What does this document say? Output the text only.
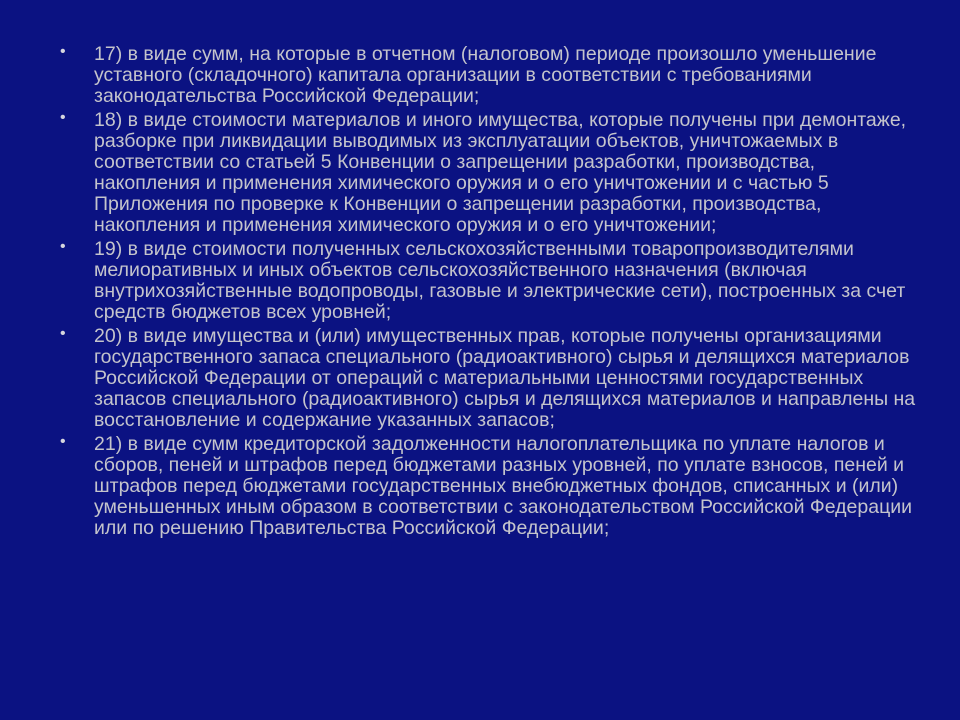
• 17) в виде сумм, на которые в отчетном (налоговом) периоде произошло уменьшение уставного (складочного) капитала организации в соответствии с требованиями законодательства Российской Федерации;
• 18) в виде стоимости материалов и иного имущества, которые получены при демонтаже, разборке при ликвидации выводимых из эксплуатации объектов, уничтожаемых в соответствии со статьей 5 Конвенции о запрещении разработки, производства, накопления и применения химического оружия и о его уничтожении и с частью 5 Приложения по проверке к Конвенции о запрещении разработки, производства, накопления и применения химического оружия и о его уничтожении;
• 19) в виде стоимости полученных сельскохозяйственными товаропроизводителями мелиоративных и иных объектов сельскохозяйственного назначения (включая внутрихозяйственные водопроводы, газовые и электрические сети), построенных за счет средств бюджетов всех уровней;
• 20) в виде имущества и (или) имущественных прав, которые получены организациями государственного запаса специального (радиоактивного) сырья и делящихся материалов Российской Федерации от операций с материальными ценностями государственных запасов специального (радиоактивного) сырья и делящихся материалов и направлены на восстановление и содержание указанных запасов;
• 21) в виде сумм кредиторской задолженности налогоплательщика по уплате налогов и сборов, пеней и штрафов перед бюджетами разных уровней, по уплате взносов, пеней и штрафов перед бюджетами государственных внебюджетных фондов, списанных и (или) уменьшенных иным образом в соответствии с законодательством Российской Федерации или по решению Правительства Российской Федерации;
